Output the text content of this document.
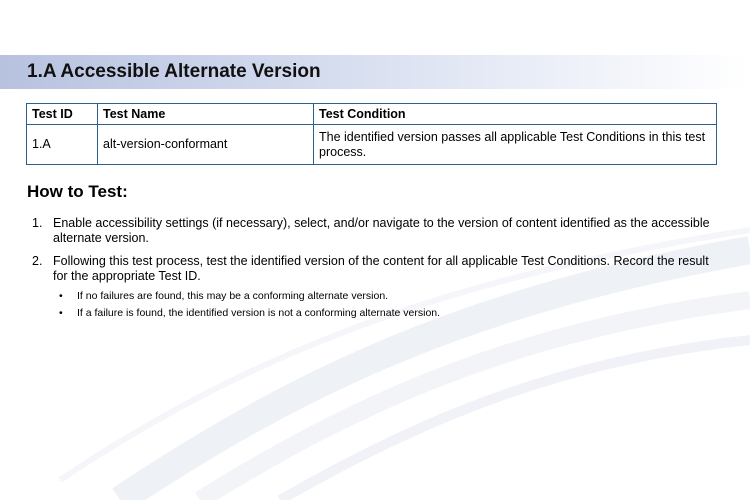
1.A Accessible Alternate Version
Test ID	Test Name	Test Condition
1.A	alt-version-conformant	The identified version passes all applicable Test Conditions in this test process.
How to Test:
1. Enable accessibility settings (if necessary), select, and/or navigate to the version of content identified as the accessible alternate version.
2. Following this test process, test the identified version of the content for all applicable Test Conditions. Record the result for the appropriate Test ID.
• If no failures are found, this may be a conforming alternate version.
• If a failure is found, the identified version is not a conforming alternate version.
